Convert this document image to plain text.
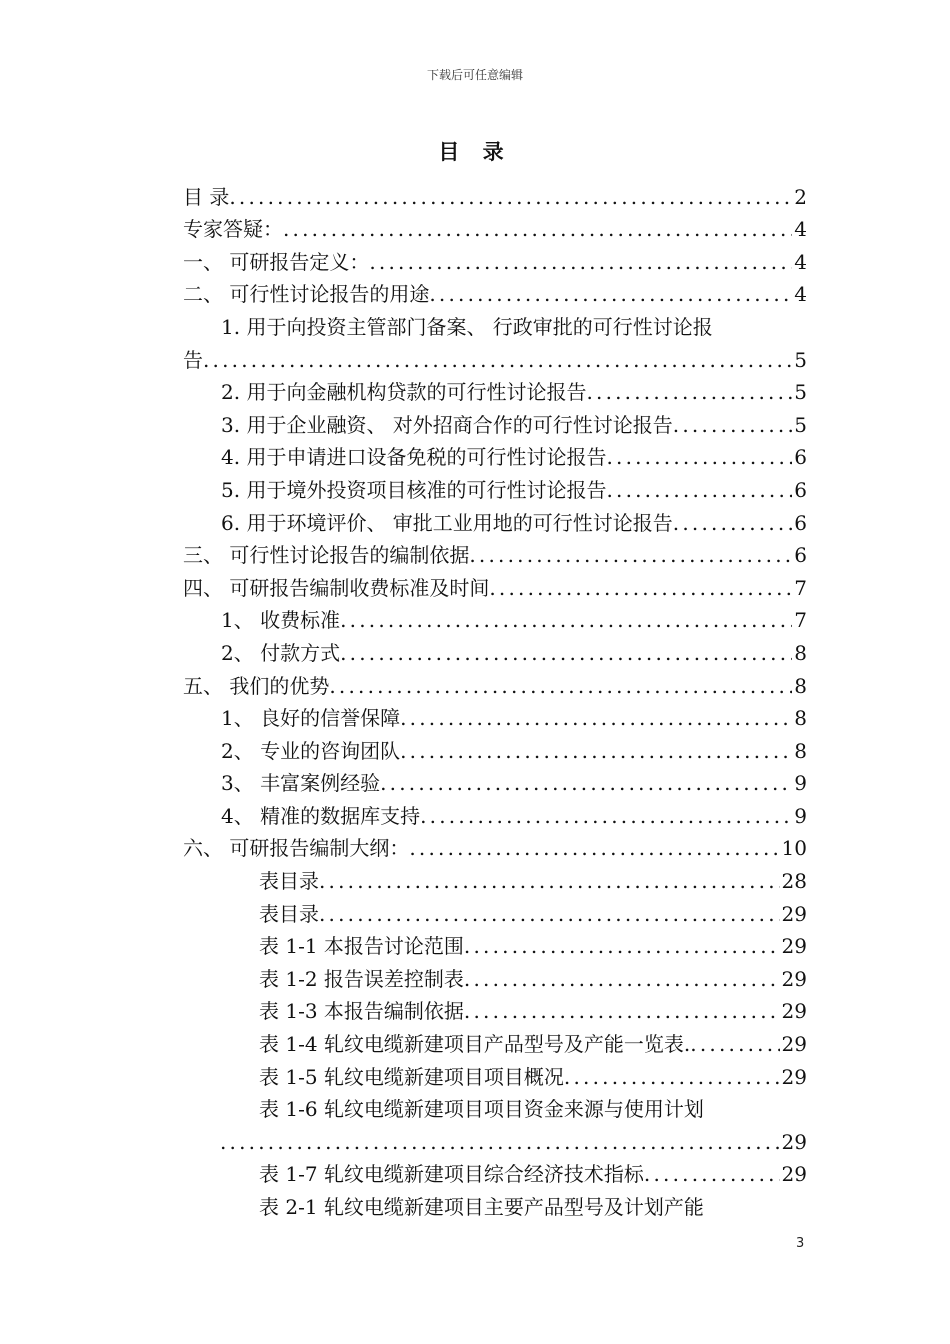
下载后可任意编辑
目 录
目 录 .....	2
专家答疑： .....	4
一、 可研报告定义： .....	4
二、 可行性讨论报告的用途 .....	4
1. 用于向投资主管部门备案、 行政审批的可行性讨论报
告 .....	5
2. 用于向金融机构贷款的可行性讨论报告 .....	5
3. 用于企业融资、 对外招商合作的可行性讨论报告 .....	5
4. 用于申请进口设备免税的可行性讨论报告 .....	6
5. 用于境外投资项目核准的可行性讨论报告 .....	6
6. 用于环境评价、 审批工业用地的可行性讨论报告 .....	6
三、 可行性讨论报告的编制依据 .....	6
四、 可研报告编制收费标准及时间 .....	7
1、 收费标准 .....	7
2、 付款方式 .....	8
五、 我们的优势 .....	8
1、 良好的信誉保障 .....	8
2、 专业的咨询团队 .....	8
3、 丰富案例经验 .....	9
4、 精准的数据库支持 .....	9
六、 可研报告编制大纲： .....	10
表目录 .....	28
表目录 .....	29
表 1-1 本报告讨论范围 .....	29
表 1-2 报告误差控制表 .....	29
表 1-3 本报告编制依据 .....	29
表 1-4 轧纹电缆新建项目产品型号及产能一览表. .....	29
表 1-5 轧纹电缆新建项目项目概况 .....	29
表 1-6 轧纹电缆新建项目项目资金来源与使用计划
.....
29
表 1-7 轧纹电缆新建项目综合经济技术指标 .....	29
表 2-1 轧纹电缆新建项目主要产品型号及计划产能
3
